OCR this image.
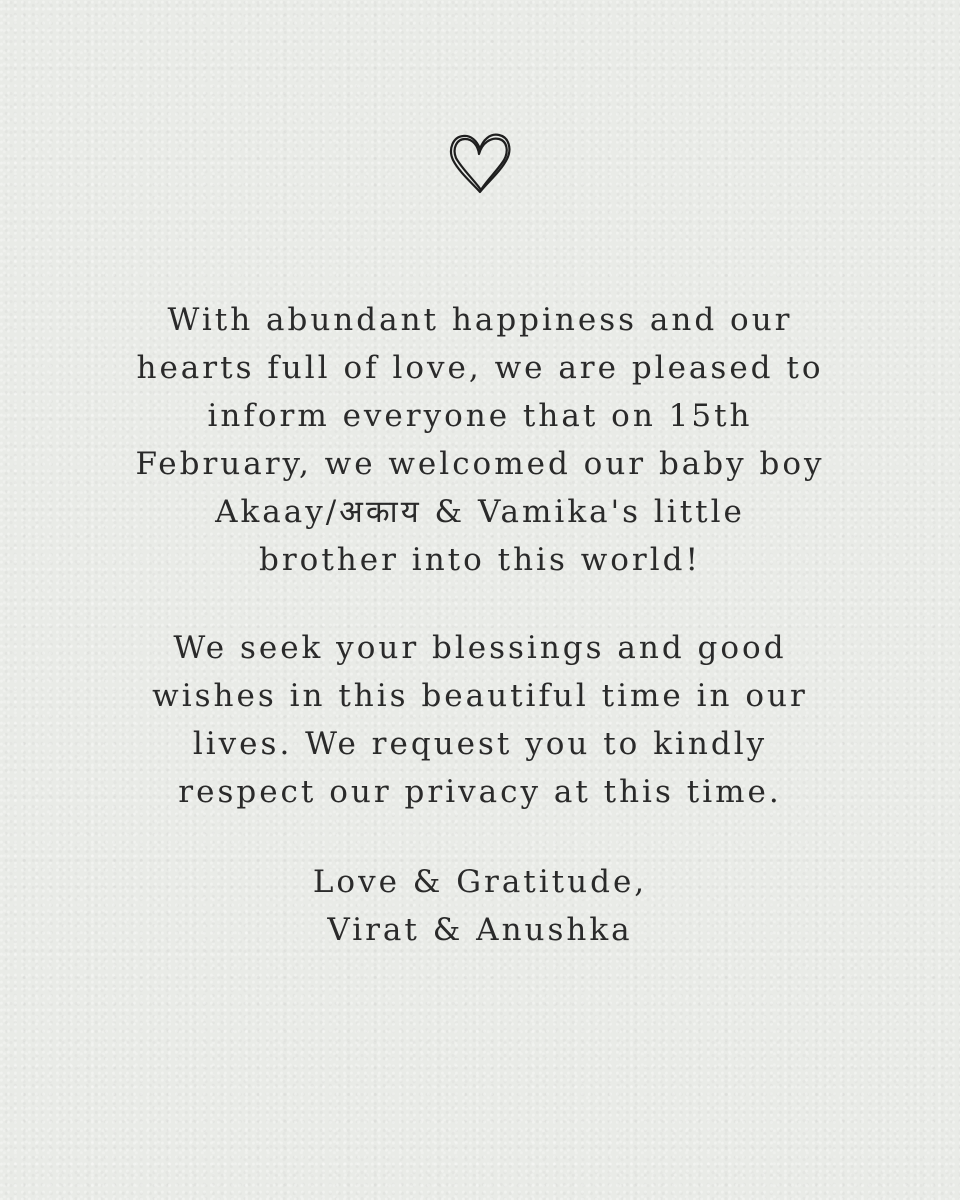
With abundant happiness and our
hearts full of love, we are pleased to
inform everyone that on 15th
February, we welcomed our baby boy
Akaay/अकाय & Vamika's little
brother into this world!
We seek your blessings and good
wishes in this beautiful time in our
lives. We request you to kindly
respect our privacy at this time.
Love & Gratitude,
Virat & Anushka
